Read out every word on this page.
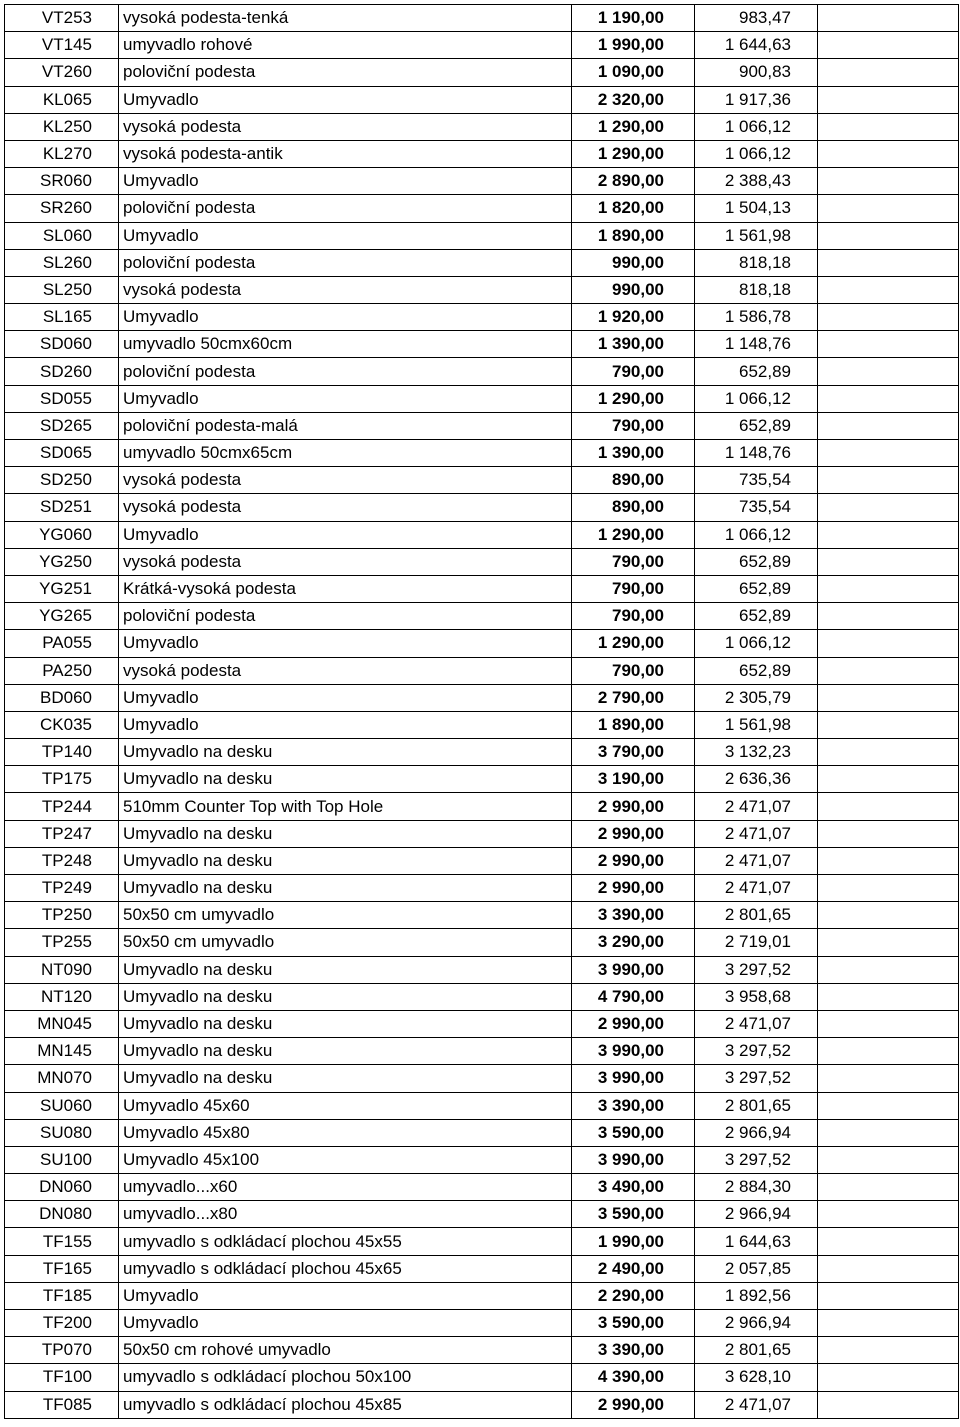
VT253	vysoká podesta-tenká	1 190,00	983,47	
VT145	umyvadlo rohové	1 990,00	1 644,63	
VT260	poloviční podesta	1 090,00	900,83	
KL065	Umyvadlo	2 320,00	1 917,36	
KL250	vysoká podesta	1 290,00	1 066,12	
KL270	vysoká podesta-antik	1 290,00	1 066,12	
SR060	Umyvadlo	2 890,00	2 388,43	
SR260	poloviční podesta	1 820,00	1 504,13	
SL060	Umyvadlo	1 890,00	1 561,98	
SL260	poloviční podesta	990,00	818,18	
SL250	vysoká podesta	990,00	818,18	
SL165	Umyvadlo	1 920,00	1 586,78	
SD060	umyvadlo 50cmx60cm	1 390,00	1 148,76	
SD260	poloviční podesta	790,00	652,89	
SD055	Umyvadlo	1 290,00	1 066,12	
SD265	poloviční podesta-malá	790,00	652,89	
SD065	umyvadlo 50cmx65cm	1 390,00	1 148,76	
SD250	vysoká podesta	890,00	735,54	
SD251	vysoká podesta	890,00	735,54	
YG060	Umyvadlo	1 290,00	1 066,12	
YG250	vysoká podesta	790,00	652,89	
YG251	Krátká-vysoká podesta	790,00	652,89	
YG265	poloviční podesta	790,00	652,89	
PA055	Umyvadlo	1 290,00	1 066,12	
PA250	vysoká podesta	790,00	652,89	
BD060	Umyvadlo	2 790,00	2 305,79	
CK035	Umyvadlo	1 890,00	1 561,98	
TP140	Umyvadlo na desku	3 790,00	3 132,23	
TP175	Umyvadlo na desku	3 190,00	2 636,36	
TP244	510mm Counter Top with Top Hole	2 990,00	2 471,07	
TP247	Umyvadlo na desku	2 990,00	2 471,07	
TP248	Umyvadlo na desku	2 990,00	2 471,07	
TP249	Umyvadlo na desku	2 990,00	2 471,07	
TP250	50x50 cm umyvadlo	3 390,00	2 801,65	
TP255	50x50 cm umyvadlo	3 290,00	2 719,01	
NT090	Umyvadlo na desku	3 990,00	3 297,52	
NT120	Umyvadlo na desku	4 790,00	3 958,68	
MN045	Umyvadlo na desku	2 990,00	2 471,07	
MN145	Umyvadlo na desku	3 990,00	3 297,52	
MN070	Umyvadlo na desku	3 990,00	3 297,52	
SU060	Umyvadlo 45x60	3 390,00	2 801,65	
SU080	Umyvadlo 45x80	3 590,00	2 966,94	
SU100	Umyvadlo 45x100	3 990,00	3 297,52	
DN060	umyvadlo...x60	3 490,00	2 884,30	
DN080	umyvadlo...x80	3 590,00	2 966,94	
TF155	umyvadlo s odkládací plochou 45x55	1 990,00	1 644,63	
TF165	umyvadlo s odkládací plochou 45x65	2 490,00	2 057,85	
TF185	Umyvadlo	2 290,00	1 892,56	
TF200	Umyvadlo	3 590,00	2 966,94	
TP070	50x50 cm rohové umyvadlo	3 390,00	2 801,65	
TF100	umyvadlo s odkládací plochou 50x100	4 390,00	3 628,10	
TF085	umyvadlo s odkládací plochou 45x85	2 990,00	2 471,07	
